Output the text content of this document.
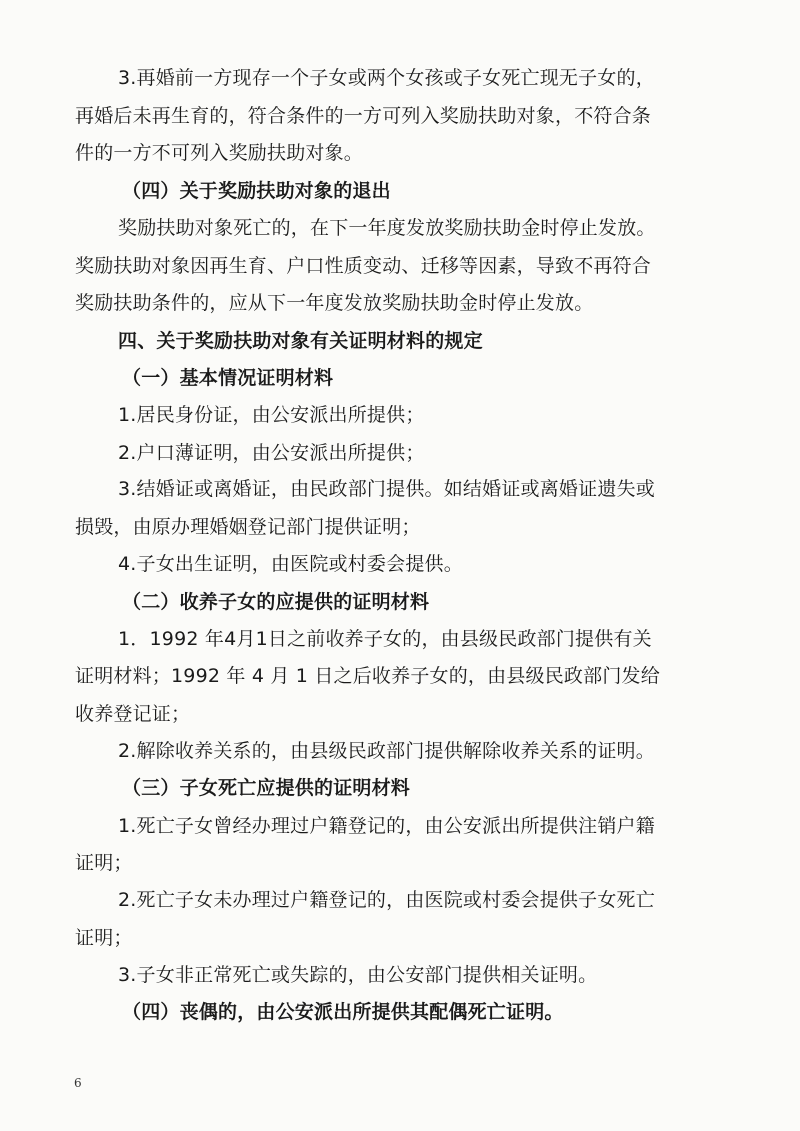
3.再婚前一方现存一个子女或两个女孩或子女死亡现无子女的，
再婚后未再生育的，符合条件的一方可列入奖励扶助对象，不符合条
件的一方不可列入奖励扶助对象。
（四）关于奖励扶助对象的退出
奖励扶助对象死亡的，在下一年度发放奖励扶助金时停止发放。
奖励扶助对象因再生育、户口性质变动、迁移等因素，导致不再符合
奖励扶助条件的，应从下一年度发放奖励扶助金时停止发放。
四、关于奖励扶助对象有关证明材料的规定
（一）基本情况证明材料
1.居民身份证，由公安派出所提供；
2.户口薄证明，由公安派出所提供；
3.结婚证或离婚证，由民政部门提供。如结婚证或离婚证遗失或
损毁，由原办理婚姻登记部门提供证明；
4.子女出生证明，由医院或村委会提供。
（二）收养子女的应提供的证明材料
1．1992 年4月1日之前收养子女的，由县级民政部门提供有关
证明材料；1992 年 4 月 1 日之后收养子女的，由县级民政部门发给
收养登记证；
2.解除收养关系的，由县级民政部门提供解除收养关系的证明。
（三）子女死亡应提供的证明材料
1.死亡子女曾经办理过户籍登记的，由公安派出所提供注销户籍
证明；
2.死亡子女未办理过户籍登记的，由医院或村委会提供子女死亡
证明；
3.子女非正常死亡或失踪的，由公安部门提供相关证明。
（四）丧偶的，由公安派出所提供其配偶死亡证明。
6
